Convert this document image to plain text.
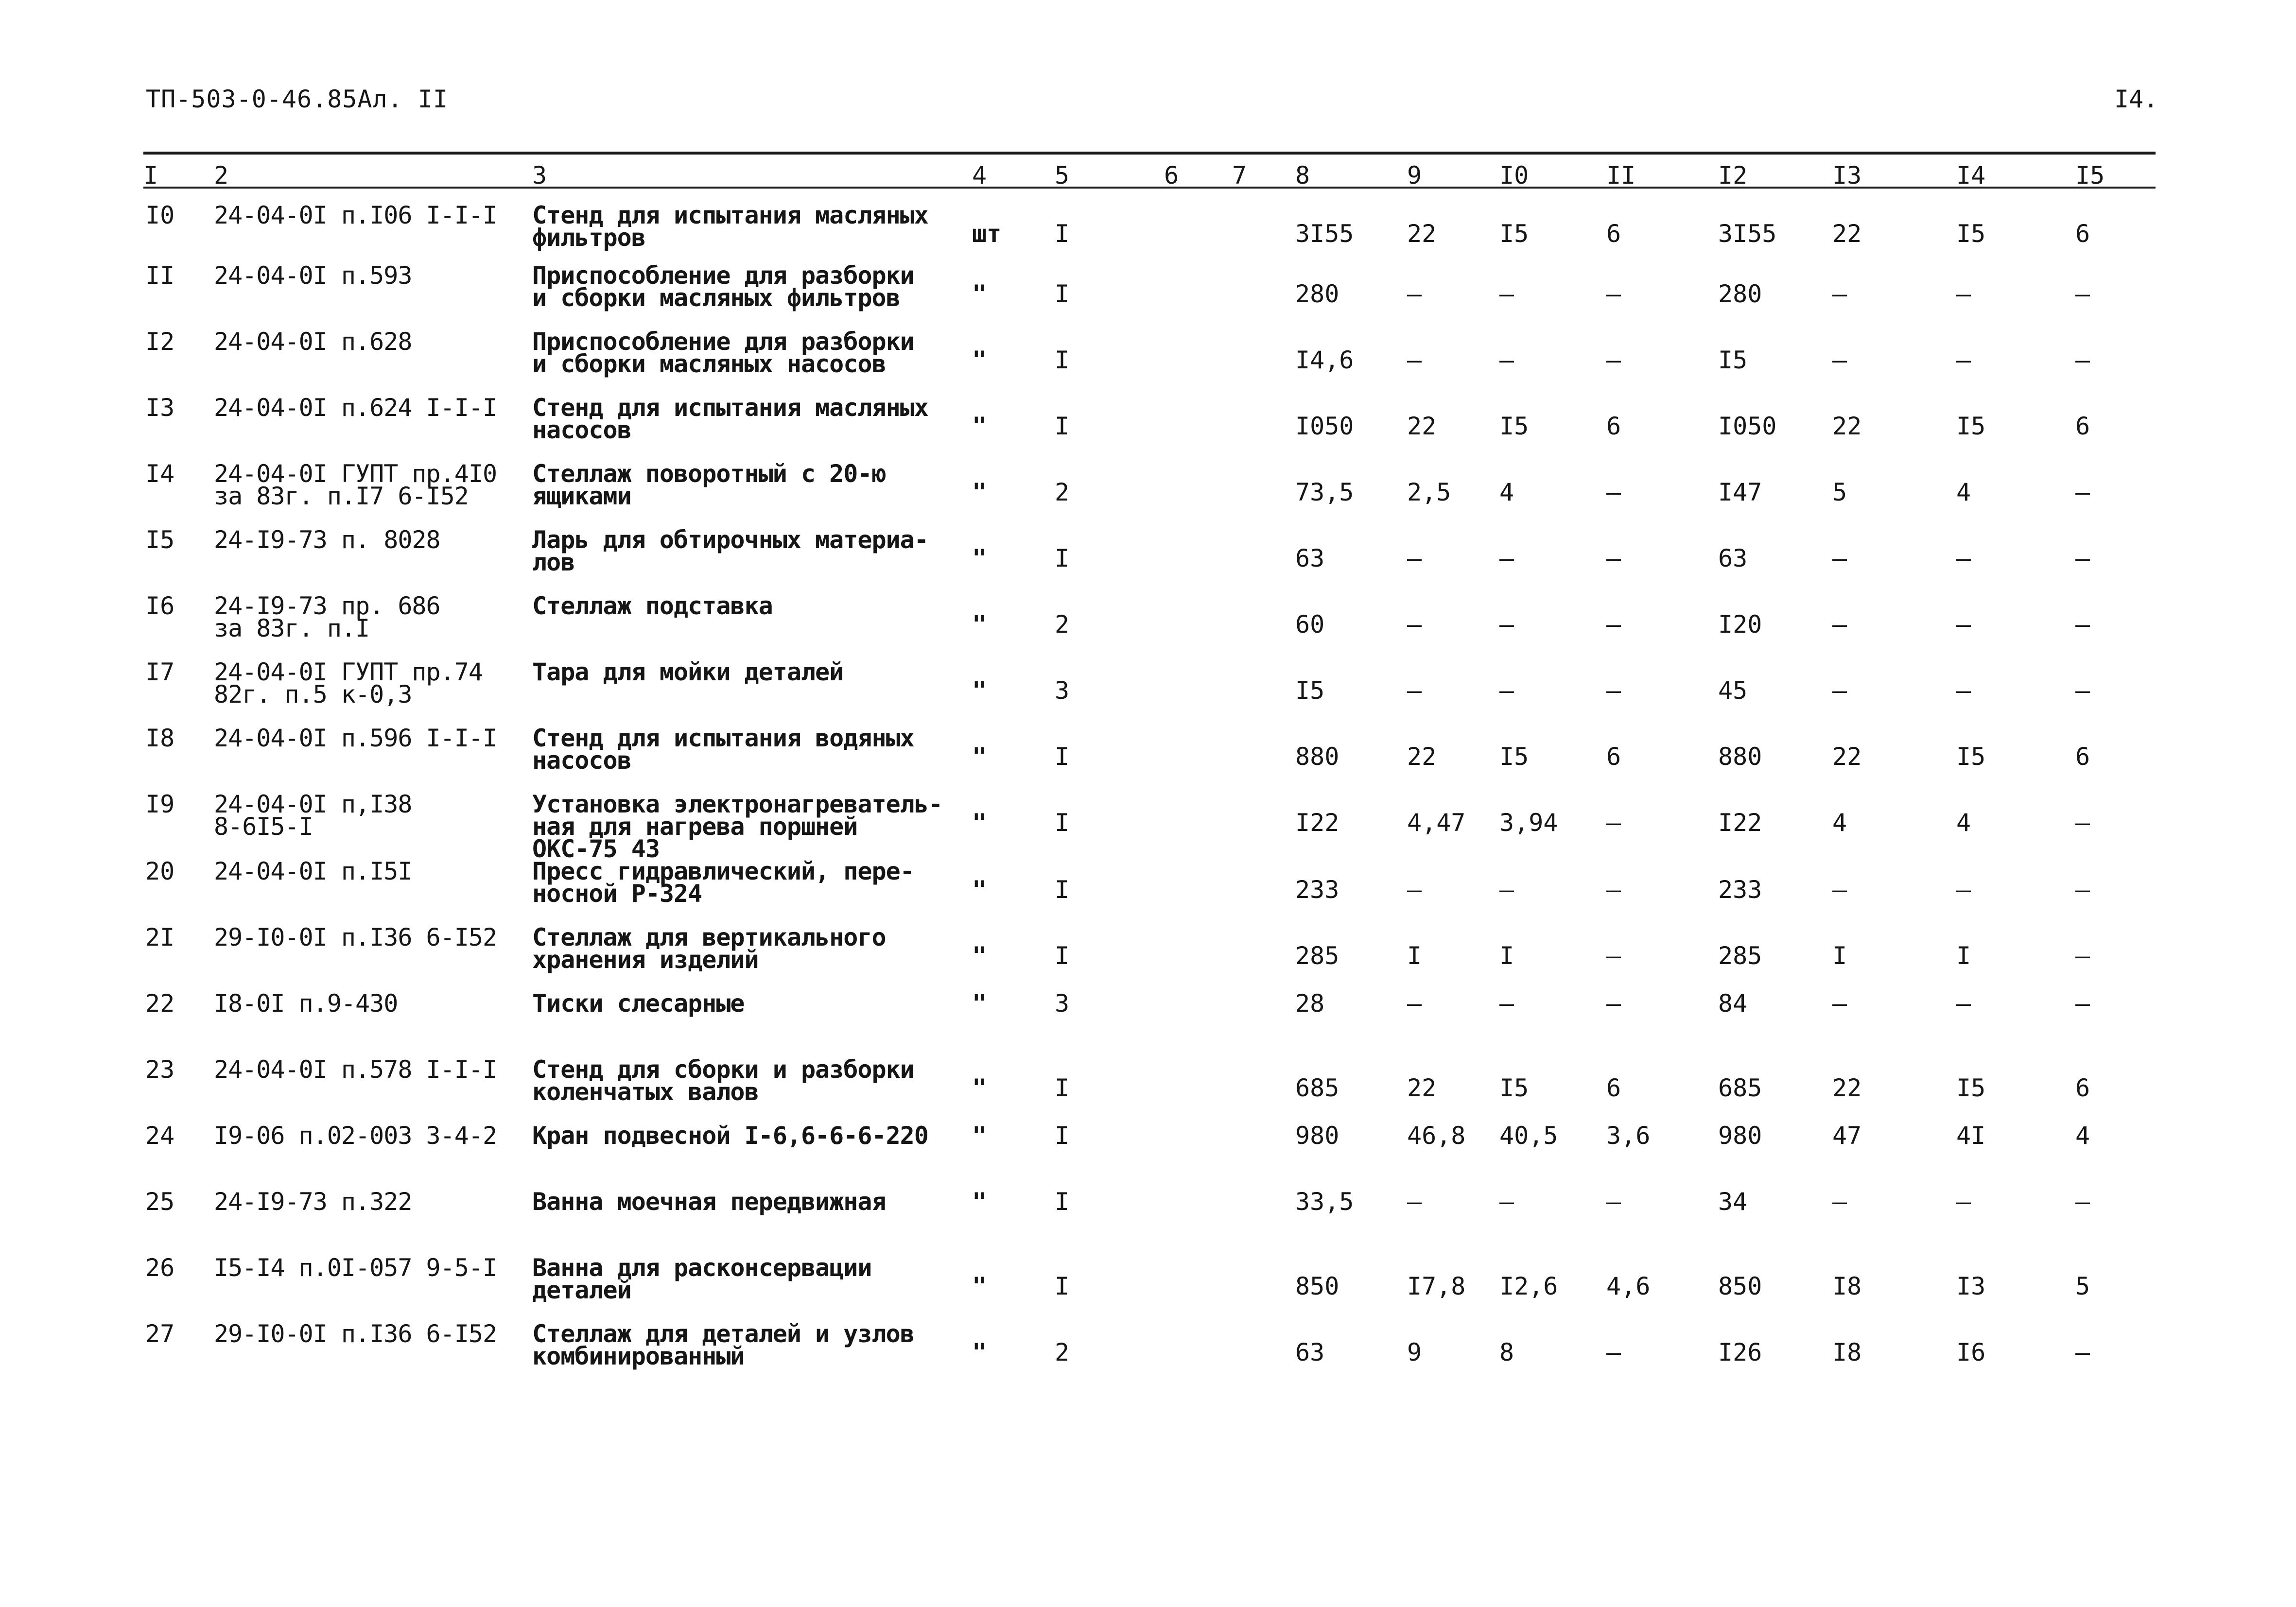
ТП-503-0-46.85Ал. II	I4.
I	2	3	4	5	6	7	8	9	I0	II	I2	I3	I4	I5

I0	24-04-0I п.I06 I-I-I	Стенд для испытания масляных
фильтров	шт	I			3I55	22	I5	6	3I55	22	I5	6

II	24-04-0I п.593	Приспособление для разборки
и сборки масляных фильтров	"	I			280	–	–	–	280	–	–	–

I2	24-04-0I п.628	Приспособление для разборки
и сборки масляных насосов	"	I			I4,6	–	–	–	I5	–	–	–

I3	24-04-0I п.624 I-I-I	Стенд для испытания масляных
насосов	"	I			I050	22	I5	6	I050	22	I5	6

I4	24-04-0I ГУПТ пр.4I0
за 83г. п.I7 6-I52	Стеллаж поворотный с 20-ю
ящиками	"	2			73,5	2,5	4	–	I47	5	4	–

I5	24-I9-73 п. 8028	Ларь для обтирочных материа-
лов	"	I			63	–	–	–	63	–	–	–

I6	24-I9-73 пр. 686
за 83г. п.I	Стеллаж подставка	"	2			60	–	–	–	I20	–	–	–

I7	24-04-0I ГУПТ пр.74
82г. п.5 к-0,3	Тара для мойки деталей	"	3			I5	–	–	–	45	–	–	–

I8	24-04-0I п.596 I-I-I	Стенд для испытания водяных
насосов	"	I			880	22	I5	6	880	22	I5	6

I9	24-04-0I п,I38
8-6I5-I	Установка электронагреватель-
ная для нагрева поршней
ОКС-75 43	"	I			I22	4,47	3,94	–	I22	4	4	–

20	24-04-0I п.I5I	Пресс гидравлический, пере-
носной Р-324	"	I			233	–	–	–	233	–	–	–

2I	29-I0-0I п.I36 6-I52	Стеллаж для вертикального
хранения изделий	"	I			285	I	I	–	285	I	I	–

22	I8-0I п.9-430	Тиски слесарные	"	3			28	–	–	–	84	–	–	–

23	24-04-0I п.578 I-I-I	Стенд для сборки и разборки
коленчатых валов	"	I			685	22	I5	6	685	22	I5	6

24	I9-06 п.02-003 3-4-2	Кран подвесной I-6,6-6-6-220	"	I			980	46,8	40,5	3,6	980	47	4I	4

25	24-I9-73 п.322	Ванна моечная передвижная	"	I			33,5	–	–	–	34	–	–	–

26	I5-I4 п.0I-057 9-5-I	Ванна для расконсервации
деталей	"	I			850	I7,8	I2,6	4,6	850	I8	I3	5

27	29-I0-0I п.I36 6-I52	Стеллаж для деталей и узлов
комбинированный	"	2			63	9	8	–	I26	I8	I6	–
